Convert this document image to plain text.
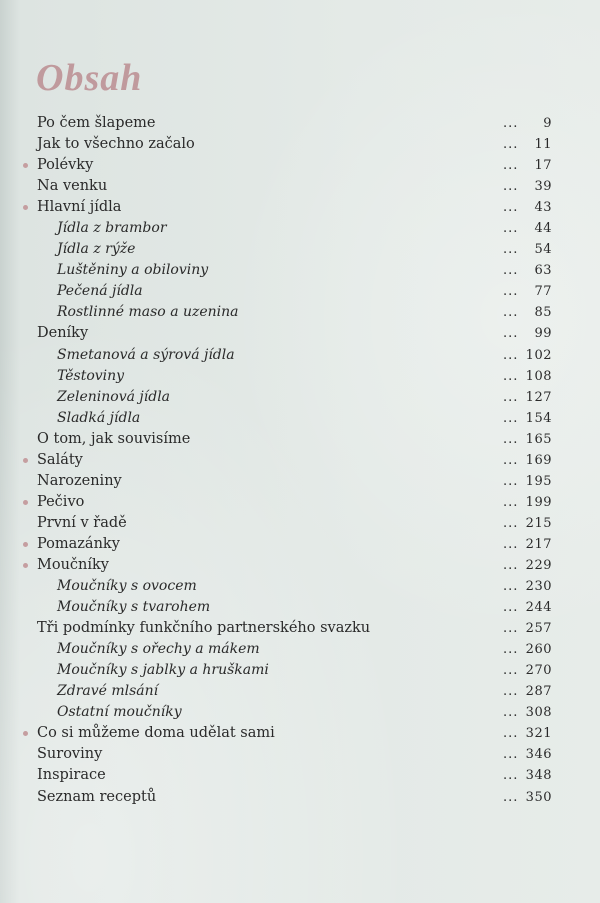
Obsah
Po čem šlapeme	... 9
Jak to všechno začalo	... 11
Polévky	... 17
Na venku	... 39
Hlavní jídla	... 43
Jídla z brambor	... 44
Jídla z rýže	... 54
Luštěniny a obiloviny	... 63
Pečená jídla	... 77
Rostlinné maso a uzenina	... 85
Deníky	... 99
Smetanová a sýrová jídla	... 102
Těstoviny	... 108
Zeleninová jídla	... 127
Sladká jídla	... 154
O tom, jak souvisíme	... 165
Saláty	... 169
Narozeniny	... 195
Pečivo	... 199
První v řadě	... 215
Pomazánky	... 217
Moučníky	... 229
Moučníky s ovocem	... 230
Moučníky s tvarohem	... 244
Tři podmínky funkčního partnerského svazku	... 257
Moučníky s ořechy a mákem	... 260
Moučníky s jablky a hruškami	... 270
Zdravé mlsání	... 287
Ostatní moučníky	... 308
Co si můžeme doma udělat sami	... 321
Suroviny	... 346
Inspirace	... 348
Seznam receptů	... 350
